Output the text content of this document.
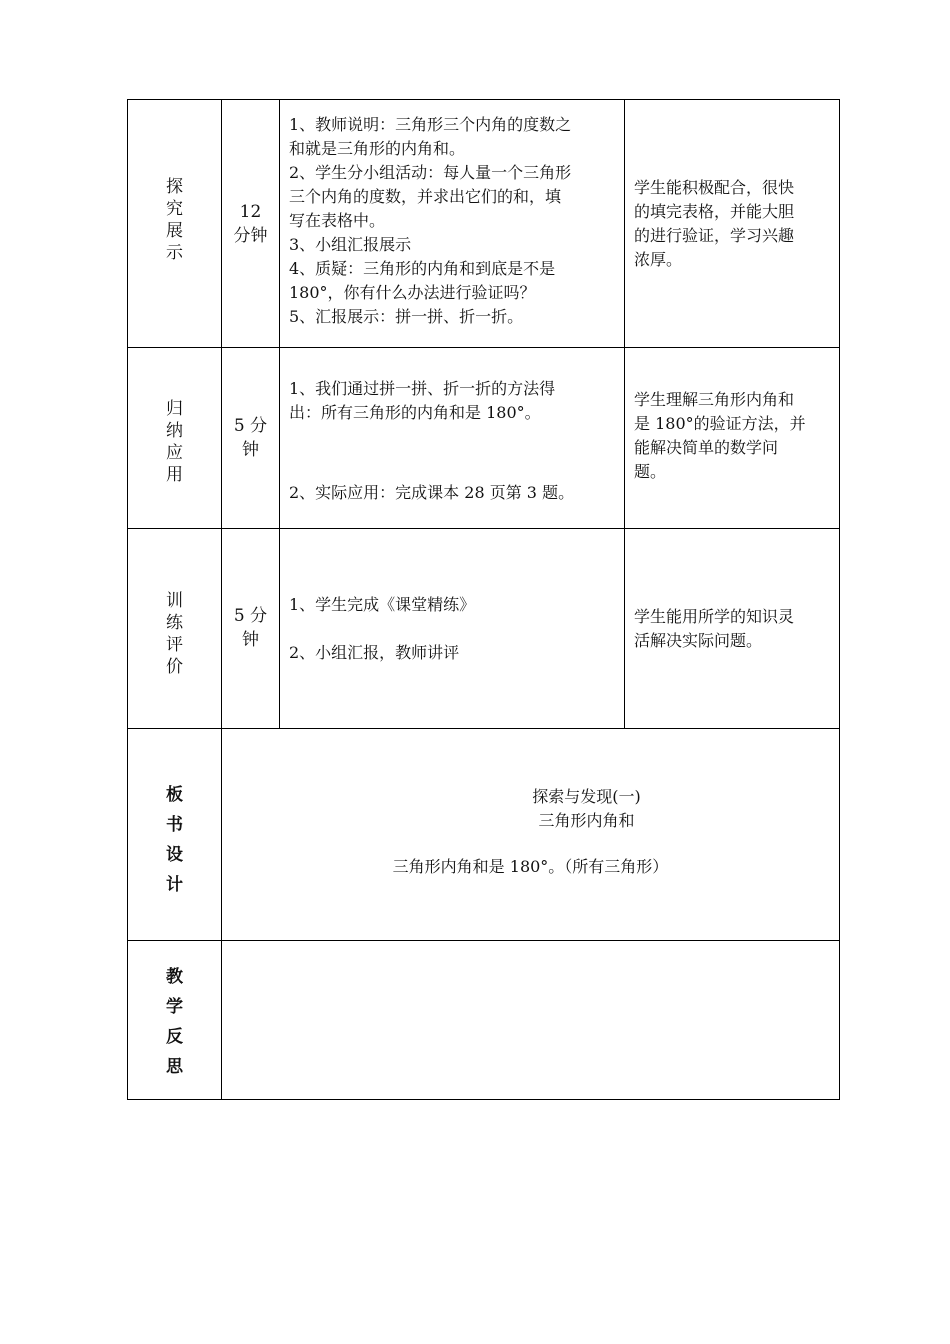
探
究
展
示
12
分钟

1、教师说明：三角形三个内角的度数之

和就是三角形的内角和。

2、学生分小组活动：每人量一个三角形

三个内角的度数，并求出它们的和，填

写在表格中。

3、小组汇报展示

4、质疑：三角形的内角和到底是不是

180°，你有什么办法进行验证吗？

5、汇报展示：拼一拼、折一折。

学生能积极配合，很快

的填完表格，并能大胆

的进行验证，学习兴趣

浓厚。

归
纳
应
用
5 分
钟

1、我们通过拼一拼、折一折的方法得

出：所有三角形的内角和是 180°。

2、实际应用：完成课本 28 页第 3 题。

学生理解三角形内角和

是 180°的验证方法，并

能解决简单的数学问

题。

训
练
评
价
5 分
钟

1、学生完成《课堂精练》

2、小组汇报，教师讲评

学生能用所学的知识灵

活解决实际问题。

板
书
设
计

探索与发现(一)

三角形内角和

三角形内角和是 180°。（所有三角形）

教
学
反
思
